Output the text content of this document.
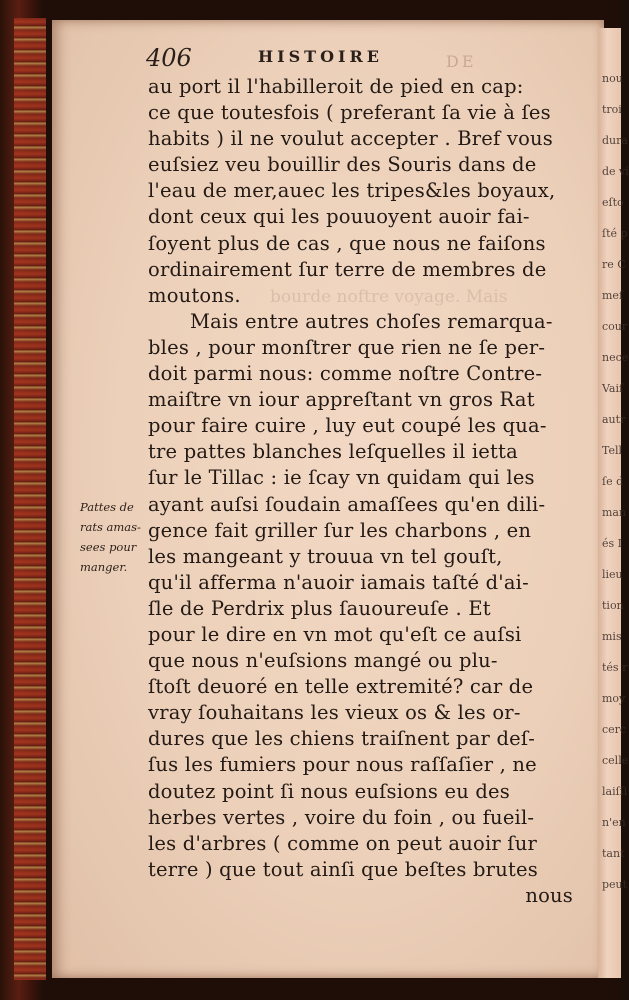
nou
troi
dura
de vi
eſto
ſté p
re C
meſ
cour
nece
Vaiſ
autr
Tell
ſe d
man
és I
lieu
tion
mis
tés r
moy
cerc
celle
laiſſi
n'en
tant
peut
406	HISTOIRE	DE
bourde noftre voyage. Mais
au port il l'habilleroit de pied en cap:
ce que toutesfois ( preferant ſa vie à ſes
habits ) il ne voulut accepter . Bref vous
euſsiez veu bouillir des Souris dans de
l'eau de mer,auec les tripes&les boyaux,
dont ceux qui les pouuoyent auoir fai-
ſoyent plus de cas , que nous ne faiſons
ordinairement ſur terre de membres de
moutons.
Mais entre autres choſes remarqua-
bles , pour monſtrer que rien ne ſe per-
doit parmi nous: comme noſtre Contre-
maiſtre vn iour appreſtant vn gros Rat
pour faire cuire , luy eut coupé les qua-
tre pattes blanches leſquelles il ietta
ſur le Tillac : ie ſcay vn quidam qui les
ayant auſsi ſoudain amaſſees qu'en dili-
gence fait griller ſur les charbons , en
les mangeant y trouua vn tel gouſt,
qu'il afferma n'auoir iamais taſté d'ai-
ſle de Perdrix plus ſauoureuſe . Et
pour le dire en vn mot qu'eſt ce auſsi
que nous n'euſsions mangé ou plu-
ſtoſt deuoré en telle extremité? car de
vray ſouhaitans les vieux os & les or-
dures que les chiens traiſnent par deſ-
ſus les fumiers pour nous raſſaſier , ne
doutez point ſi nous euſsions eu des
herbes vertes , voire du foin , ou fueil-
les d'arbres ( comme on peut auoir ſur
terre ) que tout ainſi que beſtes brutes
nous
Pattes de
rats amas-
sees pour
manger.
